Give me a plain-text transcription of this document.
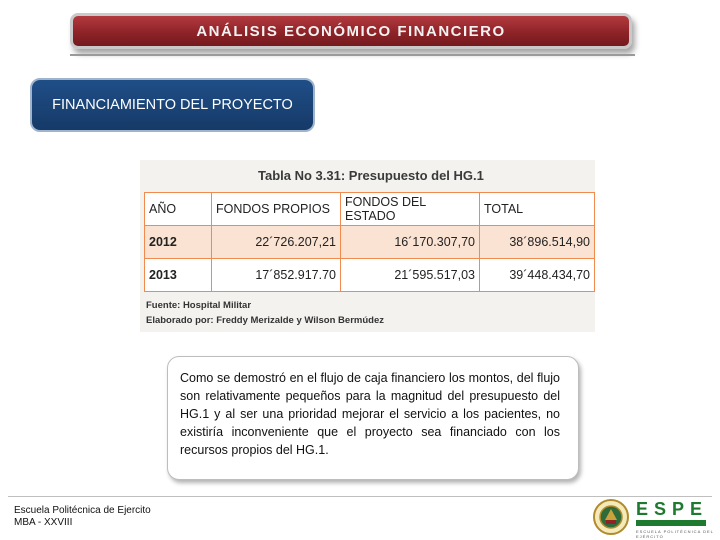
ANÁLISIS ECONÓMICO FINANCIERO
FINANCIAMIENTO DEL PROYECTO
Tabla No 3.31: Presupuesto del HG.1
AÑO	FONDOS PROPIOS	FONDOS DEL ESTADO	TOTAL
2012	22´726.207,21	16´170.307,70	38´896.514,90
2013	17´852.917.70	21´595.517,03	39´448.434,70
Fuente: Hospital Militar
Elaborado por: Freddy Merizalde y Wilson Bermúdez

Como se demostró en el flujo de caja financiero los montos, del flujo son relativamente pequeños para la magnitud del presupuesto del HG.1 y al ser una prioridad mejorar el servicio a los pacientes, no existiría inconveniente que el proyecto sea financiado con los recursos propios del HG.1.

Escuela Politécnica de Ejercito
MBA - XXVIII
ESPE
ESCUELA POLITÉCNICA DEL EJÉRCITO
